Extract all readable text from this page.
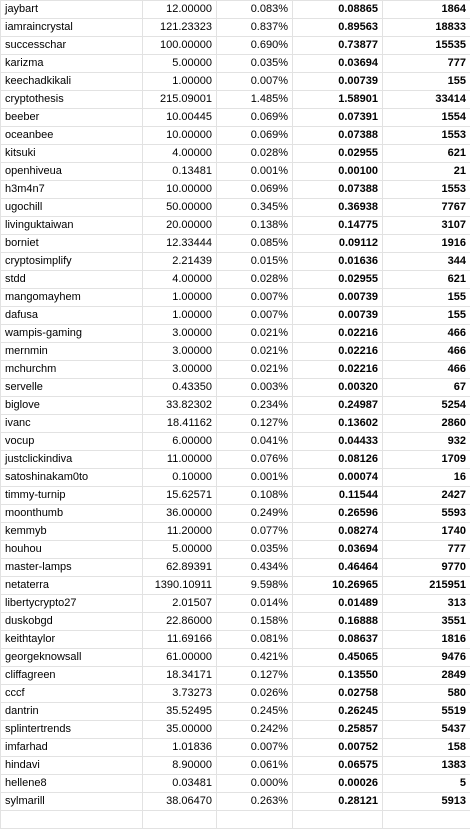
jaybart	12.00000	0.083%	0.08865	1864
iamraincrystal	121.23323	0.837%	0.89563	18833
successchar	100.00000	0.690%	0.73877	15535
karizma	5.00000	0.035%	0.03694	777
keechadkikali	1.00000	0.007%	0.00739	155
cryptothesis	215.09001	1.485%	1.58901	33414
beeber	10.00445	0.069%	0.07391	1554
oceanbee	10.00000	0.069%	0.07388	1553
kitsuki	4.00000	0.028%	0.02955	621
openhiveua	0.13481	0.001%	0.00100	21
h3m4n7	10.00000	0.069%	0.07388	1553
ugochill	50.00000	0.345%	0.36938	7767
livinguktaiwan	20.00000	0.138%	0.14775	3107
borniet	12.33444	0.085%	0.09112	1916
cryptosimplify	2.21439	0.015%	0.01636	344
stdd	4.00000	0.028%	0.02955	621
mangomayhem	1.00000	0.007%	0.00739	155
dafusa	1.00000	0.007%	0.00739	155
wampis-gaming	3.00000	0.021%	0.02216	466
mernmin	3.00000	0.021%	0.02216	466
mchurchm	3.00000	0.021%	0.02216	466
servelle	0.43350	0.003%	0.00320	67
biglove	33.82302	0.234%	0.24987	5254
ivanc	18.41162	0.127%	0.13602	2860
vocup	6.00000	0.041%	0.04433	932
justclickindiva	11.00000	0.076%	0.08126	1709
satoshinakam0to	0.10000	0.001%	0.00074	16
timmy-turnip	15.62571	0.108%	0.11544	2427
moonthumb	36.00000	0.249%	0.26596	5593
kemmyb	11.20000	0.077%	0.08274	1740
houhou	5.00000	0.035%	0.03694	777
master-lamps	62.89391	0.434%	0.46464	9770
netaterra	1390.10911	9.598%	10.26965	215951
libertycrypto27	2.01507	0.014%	0.01489	313
duskobgd	22.86000	0.158%	0.16888	3551
keithtaylor	11.69166	0.081%	0.08637	1816
georgeknowsall	61.00000	0.421%	0.45065	9476
cliffagreen	18.34171	0.127%	0.13550	2849
cccf	3.73273	0.026%	0.02758	580
dantrin	35.52495	0.245%	0.26245	5519
splintertrends	35.00000	0.242%	0.25857	5437
imfarhad	1.01836	0.007%	0.00752	158
hindavi	8.90000	0.061%	0.06575	1383
hellene8	0.03481	0.000%	0.00026	5
sylmarill	38.06470	0.263%	0.28121	5913
